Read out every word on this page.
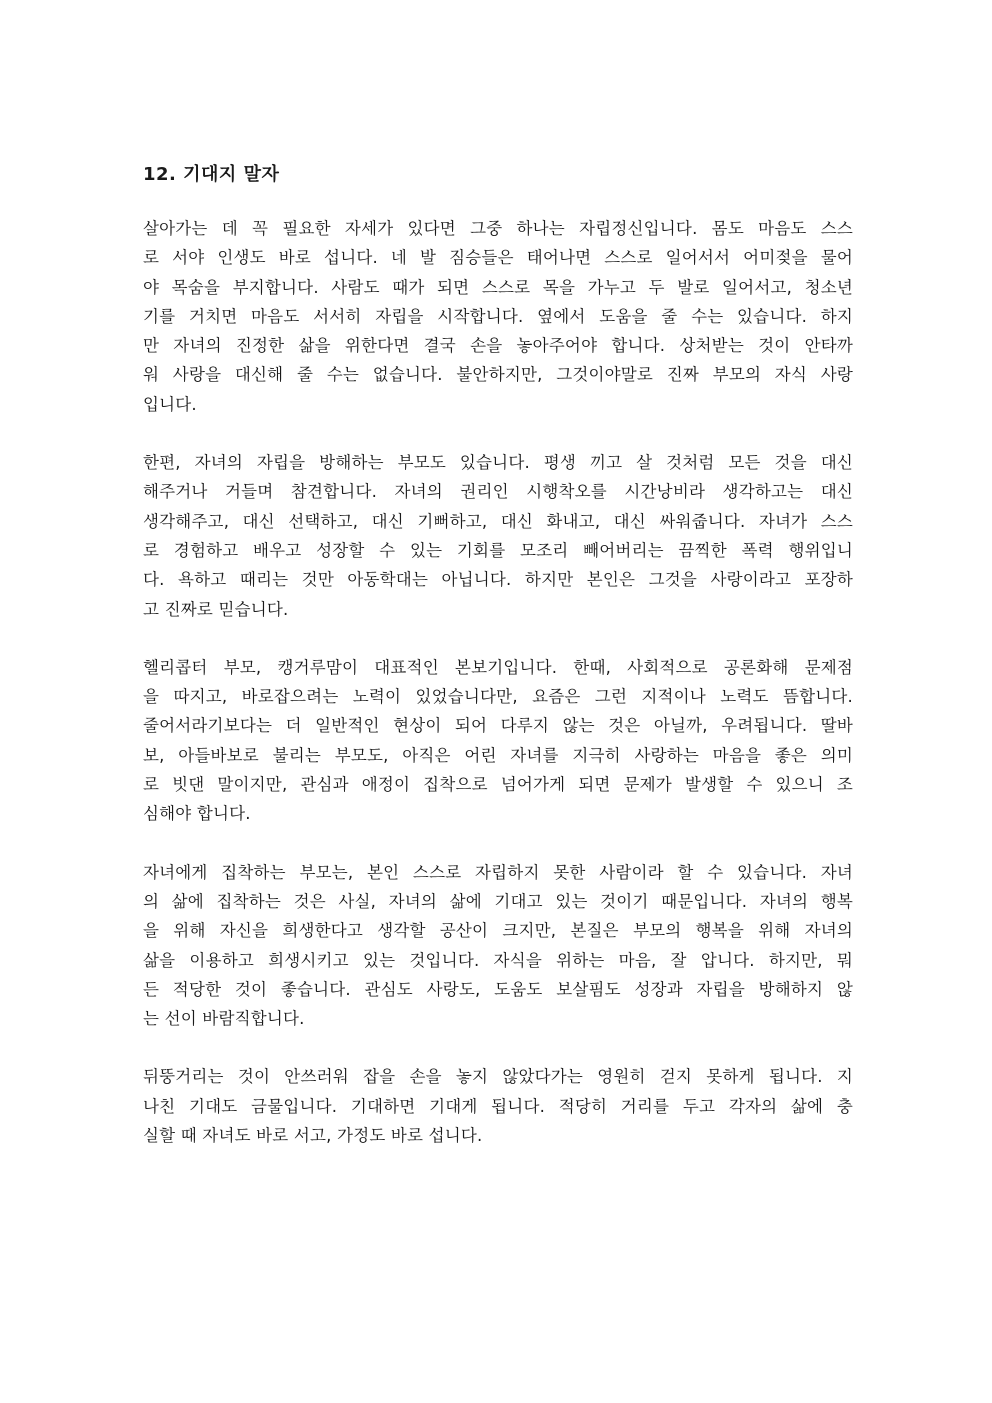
12. 기대지 말자
살아가는 데 꼭 필요한 자세가 있다면 그중 하나는 자립정신입니다. 몸도 마음도 스스
로 서야 인생도 바로 섭니다. 네 발 짐승들은 태어나면 스스로 일어서서 어미젖을 물어
야 목숨을 부지합니다. 사람도 때가 되면 스스로 목을 가누고 두 발로 일어서고, 청소년
기를 거치면 마음도 서서히 자립을 시작합니다. 옆에서 도움을 줄 수는 있습니다. 하지
만 자녀의 진정한 삶을 위한다면 결국 손을 놓아주어야 합니다. 상처받는 것이 안타까
워 사랑을 대신해 줄 수는 없습니다. 불안하지만, 그것이야말로 진짜 부모의 자식 사랑
입니다.
한편, 자녀의 자립을 방해하는 부모도 있습니다. 평생 끼고 살 것처럼 모든 것을 대신
해주거나 거들며 참견합니다. 자녀의 권리인 시행착오를 시간낭비라 생각하고는 대신
생각해주고, 대신 선택하고, 대신 기뻐하고, 대신 화내고, 대신 싸워줍니다. 자녀가 스스
로 경험하고 배우고 성장할 수 있는 기회를 모조리 빼어버리는 끔찍한 폭력 행위입니
다. 욕하고 때리는 것만 아동학대는 아닙니다. 하지만 본인은 그것을 사랑이라고 포장하
고 진짜로 믿습니다.
헬리콥터 부모, 캥거루맘이 대표적인 본보기입니다. 한때, 사회적으로 공론화해 문제점
을 따지고, 바로잡으려는 노력이 있었습니다만, 요즘은 그런 지적이나 노력도 뜸합니다.
줄어서라기보다는 더 일반적인 현상이 되어 다루지 않는 것은 아닐까, 우려됩니다. 딸바
보, 아들바보로 불리는 부모도, 아직은 어린 자녀를 지극히 사랑하는 마음을 좋은 의미
로 빗댄 말이지만, 관심과 애정이 집착으로 넘어가게 되면 문제가 발생할 수 있으니 조
심해야 합니다.
자녀에게 집착하는 부모는, 본인 스스로 자립하지 못한 사람이라 할 수 있습니다. 자녀
의 삶에 집착하는 것은 사실, 자녀의 삶에 기대고 있는 것이기 때문입니다. 자녀의 행복
을 위해 자신을 희생한다고 생각할 공산이 크지만, 본질은 부모의 행복을 위해 자녀의
삶을 이용하고 희생시키고 있는 것입니다. 자식을 위하는 마음, 잘 압니다. 하지만, 뭐
든 적당한 것이 좋습니다. 관심도 사랑도, 도움도 보살핌도 성장과 자립을 방해하지 않
는 선이 바람직합니다.
뒤뚱거리는 것이 안쓰러워 잡을 손을 놓지 않았다가는 영원히 걷지 못하게 됩니다. 지
나친 기대도 금물입니다. 기대하면 기대게 됩니다. 적당히 거리를 두고 각자의 삶에 충
실할 때 자녀도 바로 서고, 가정도 바로 섭니다.
